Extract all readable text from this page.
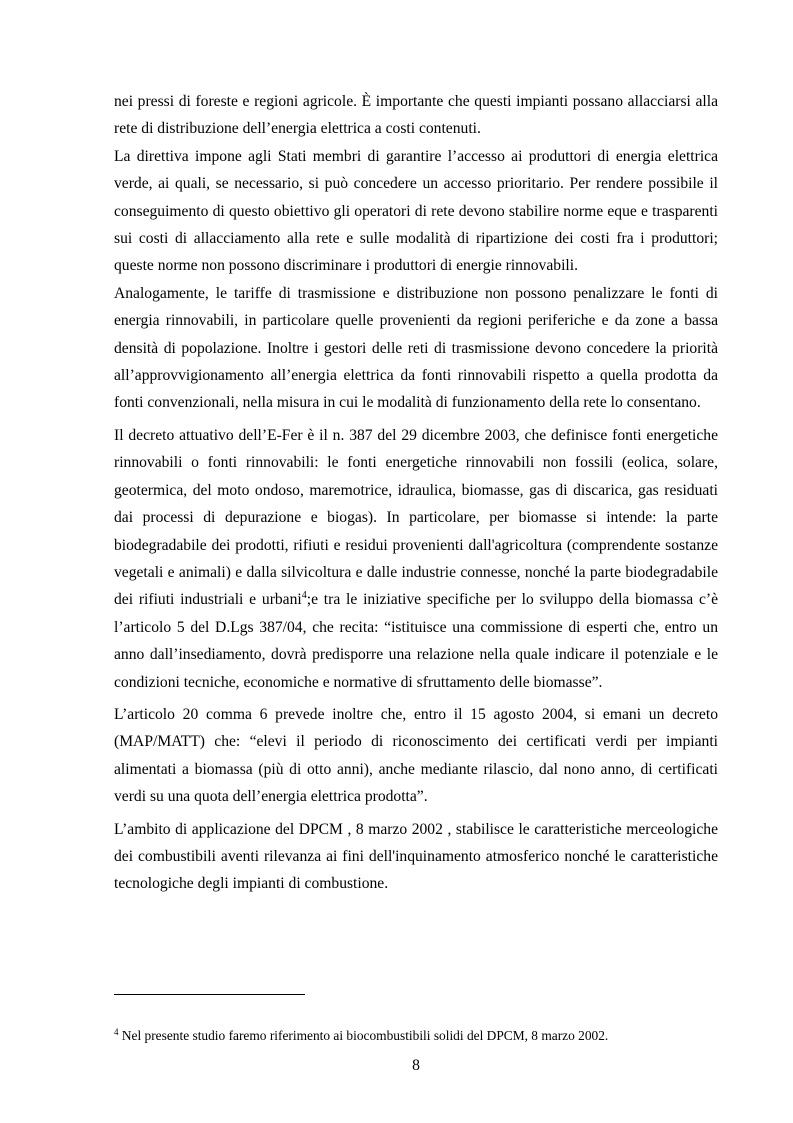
nei pressi di foreste e regioni agricole. È importante che questi impianti possano allacciarsi alla rete di distribuzione dell’energia elettrica a costi contenuti.

La direttiva impone agli Stati membri di garantire l’accesso ai produttori di energia elettrica verde, ai quali, se necessario, si può concedere un accesso prioritario. Per rendere possibile il conseguimento di questo obiettivo gli operatori di rete devono stabilire norme eque e trasparenti sui costi di allacciamento alla rete e sulle modalità di ripartizione dei costi fra i produttori; queste norme non possono discriminare i produttori di energie rinnovabili.

Analogamente, le tariffe di trasmissione e distribuzione non possono penalizzare le fonti di energia rinnovabili, in particolare quelle provenienti da regioni periferiche e da zone a bassa densità di popolazione. Inoltre i gestori delle reti di trasmissione devono concedere la priorità all’approvvigionamento all’energia elettrica da fonti rinnovabili rispetto a quella prodotta da fonti convenzionali, nella misura in cui le modalità di funzionamento della rete lo consentano.

Il decreto attuativo dell’E-Fer è il n. 387 del 29 dicembre 2003, che definisce fonti energetiche rinnovabili o fonti rinnovabili: le fonti energetiche rinnovabili non fossili (eolica, solare, geotermica, del moto ondoso, maremotrice, idraulica, biomasse, gas di discarica, gas residuati dai processi di depurazione e biogas). In particolare, per biomasse si intende: la parte biodegradabile dei prodotti, rifiuti e residui provenienti dall'agricoltura (comprendente sostanze vegetali e animali) e dalla silvicoltura e dalle industrie connesse, nonché la parte biodegradabile dei rifiuti industriali e urbani$^4$;e tra le iniziative specifiche per lo sviluppo della biomassa c’è l’articolo 5 del D.Lgs 387/04, che recita: “istituisce una commissione di esperti che, entro un anno dall’insediamento, dovrà predisporre una relazione nella quale indicare il potenziale e le condizioni tecniche, economiche e normative di sfruttamento delle biomasse”.

L’articolo 20 comma 6 prevede inoltre che, entro il 15 agosto 2004, si emani un decreto (MAP/MATT) che: “elevi il periodo di riconoscimento dei certificati verdi per impianti alimentati a biomassa (più di otto anni), anche mediante rilascio, dal nono anno, di certificati verdi su una quota dell’energia elettrica prodotta”.

L’ambito di applicazione del DPCM , 8 marzo 2002 , stabilisce le caratteristiche merceologiche dei combustibili aventi rilevanza ai fini dell'inquinamento atmosferico nonché le caratteristiche tecnologiche degli impianti di combustione.

$^4$ Nel presente studio faremo riferimento ai biocombustibili solidi del DPCM, 8 marzo 2002.
8
